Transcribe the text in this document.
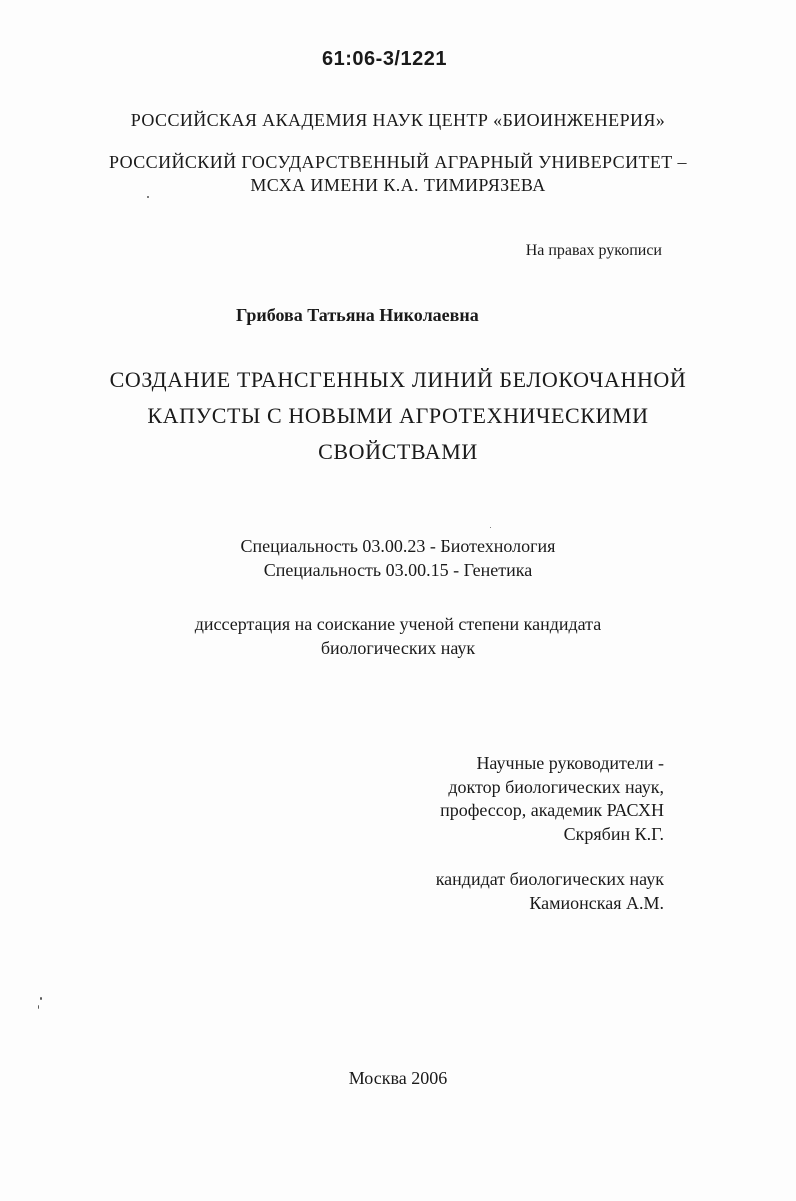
61:06-3/1221
РОССИЙСКАЯ АКАДЕМИЯ НАУК ЦЕНТР «БИОИНЖЕНЕРИЯ»
РОССИЙСКИЙ ГОСУДАРСТВЕННЫЙ АГРАРНЫЙ УНИВЕРСИТЕТ –
МСХА ИМЕНИ К.А. ТИМИРЯЗЕВА
На правах рукописи
Грибова Татьяна Николаевна
СОЗДАНИЕ ТРАНСГЕННЫХ ЛИНИЙ БЕЛОКОЧАННОЙ
КАПУСТЫ С НОВЫМИ АГРОТЕХНИЧЕСКИМИ
СВОЙСТВАМИ
Специальность 03.00.23 - Биотехнология
Специальность 03.00.15 - Генетика
диссертация на соискание ученой степени кандидата
биологических наук
Научные руководители -
доктор биологических наук,
профессор, академик РАСХН
Скрябин К.Г.
кандидат биологических наук
Камионская А.М.
Москва 2006
